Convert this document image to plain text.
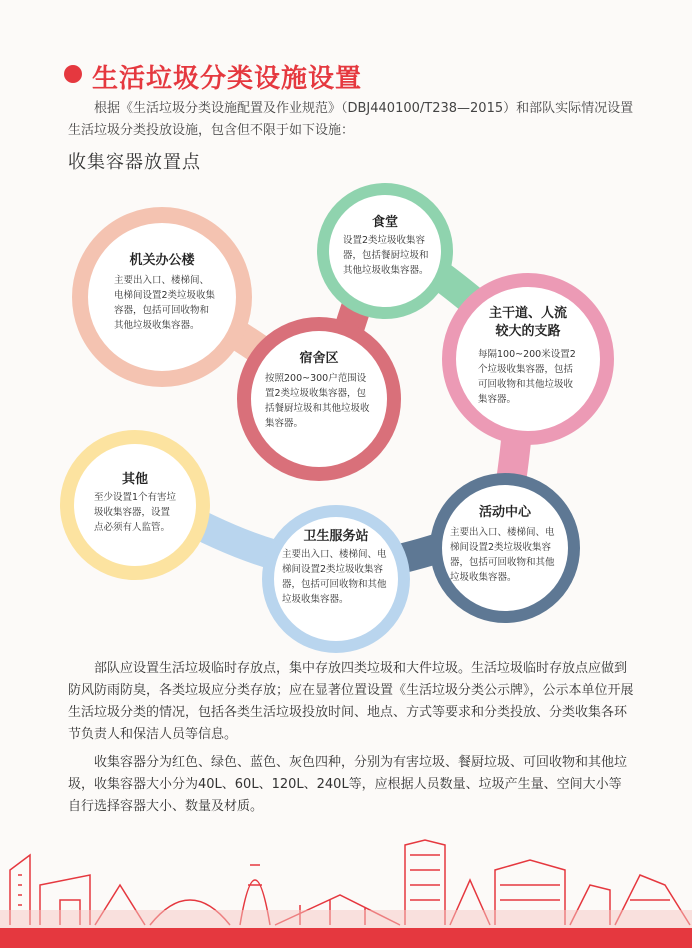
生活垃圾分类设施设置
根据《生活垃圾分类设施配置及作业规范》（DBJ440100/T238—2015）和部队实际情况设置生活垃圾分类投放设施，包含但不限于如下设施：
收集容器放置点
机关办公楼
主要出入口、楼梯间、电梯间设置2类垃圾收集容器，包括可回收物和其他垃圾收集容器。
食堂
设置2类垃圾收集容器，包括餐厨垃圾和其他垃圾收集容器。
主干道、人流
较大的支路
每隔100~200米设置2个垃圾收集容器，包括可回收物和其他垃圾收集容器。
宿舍区
按照200~300户范围设置2类垃圾收集容器，包括餐厨垃圾和其他垃圾收集容器。
其他
至少设置1个有害垃圾收集容器，设置点必须有人监管。
卫生服务站
主要出入口、楼梯间、电梯间设置2类垃圾收集容器，包括可回收物和其他垃圾收集容器。
活动中心
主要出入口、楼梯间、电梯间设置2类垃圾收集容器，包括可回收物和其他垃圾收集容器。
部队应设置生活垃圾临时存放点，集中存放四类垃圾和大件垃圾。生活垃圾临时存放点应做到防风防雨防臭，各类垃圾应分类存放；应在显著位置设置《生活垃圾分类公示牌》，公示本单位开展生活垃圾分类的情况，包括各类生活垃圾投放时间、地点、方式等要求和分类投放、分类收集各环节负责人和保洁人员等信息。
收集容器分为红色、绿色、蓝色、灰色四种，分别为有害垃圾、餐厨垃圾、可回收物和其他垃圾，收集容器大小分为40L、60L、120L、240L等，应根据人员数量、垃圾产生量、空间大小等自行选择容器大小、数量及材质。
